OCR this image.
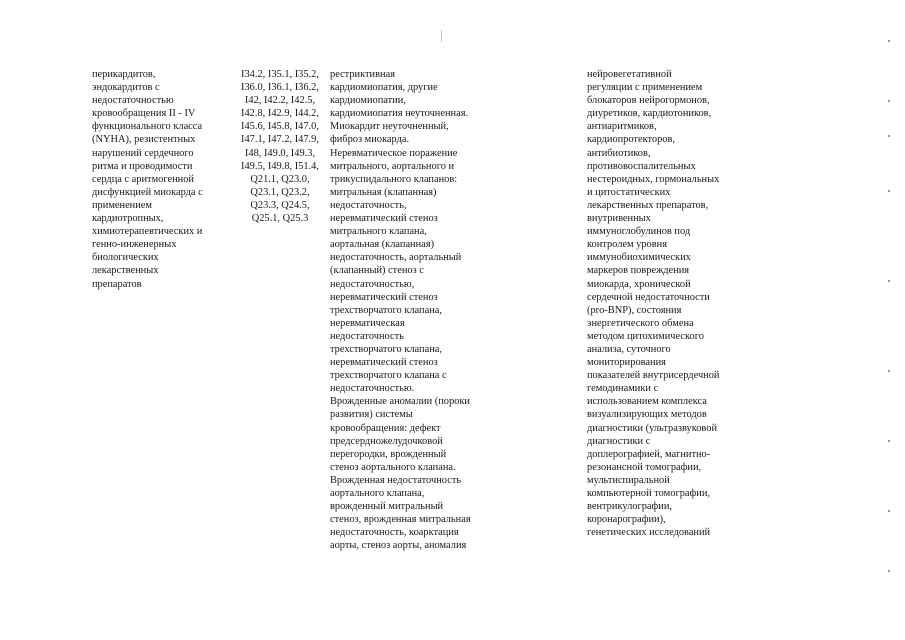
перикардитов,
эндокардитов с
недостаточностью
кровообращения II - IV
функционального класса
(NYHA), резистентных
нарушений сердечного
ритма и проводимости
сердца с аритмогенной
дисфункцией миокарда с
применением
кардиотропных,
химиотерапевтических и
генно-инженерных
биологических
лекарственных
препаратов
I34.2, I35.1, I35.2,
I36.0, I36.1, I36.2,
I42, I42.2, I42.5,
I42.8, I42.9, I44.2,
I45.6, I45.8, I47.0,
I47.1, I47.2, I47.9,
I48, I49.0, I49.3,
I49.5, I49.8, I51.4,
Q21.1, Q23.0,
Q23.1, Q23.2,
Q23.3, Q24.5,
Q25.1, Q25.3
рестриктивная
кардиомиопатия, другие
кардиомиопатии,
кардиомиопатия неуточненная.
Миокардит неуточненный,
фиброз миокарда.
Неревматическое поражение
митрального, аортального и
трикуспидального клапанов:
митральная (клапанная)
недостаточность,
неревматический стеноз
митрального клапана,
аортальная (клапанная)
недостаточность, аортальный
(клапанный) стеноз с
недостаточностью,
неревматический стеноз
трехстворчатого клапана,
неревматическая
недостаточность
трехстворчатого клапана,
неревматический стеноз
трехстворчатого клапана с
недостаточностью.
Врожденные аномалии (пороки
развития) системы
кровообращения: дефект
предсердножелудочковой
перегородки, врожденный
стеноз аортального клапана.
Врожденная недостаточность
аортального клапана,
врожденный митральный
стеноз, врожденная митральная
недостаточность, коарктация
аорты, стеноз аорты, аномалия
нейровегетативной
регуляции с применением
блокаторов нейрогормонов,
диуретиков, кардиотоников,
антиаритмиков,
кардиопротекторов,
антибиотиков,
противовоспалительных
нестероидных, гормональных
и цитостатических
лекарственных препаратов,
внутривенных
иммуноглобулинов под
контролем уровня
иммунобиохимических
маркеров повреждения
миокарда, хронической
сердечной недостаточности
(pro-BNP), состояния
энергетического обмена
методом цитохимического
анализа, суточного
мониторирования
показателей внутрисердечной
гемодинамики с
использованием комплекса
визуализирующих методов
диагностики (ультразвуковой
диагностики с
доплерографией, магнитно-
резонансной томографии,
мультиспиральной
компьютерной томографии,
вентрикулографии,
коронарографии),
генетических исследований
